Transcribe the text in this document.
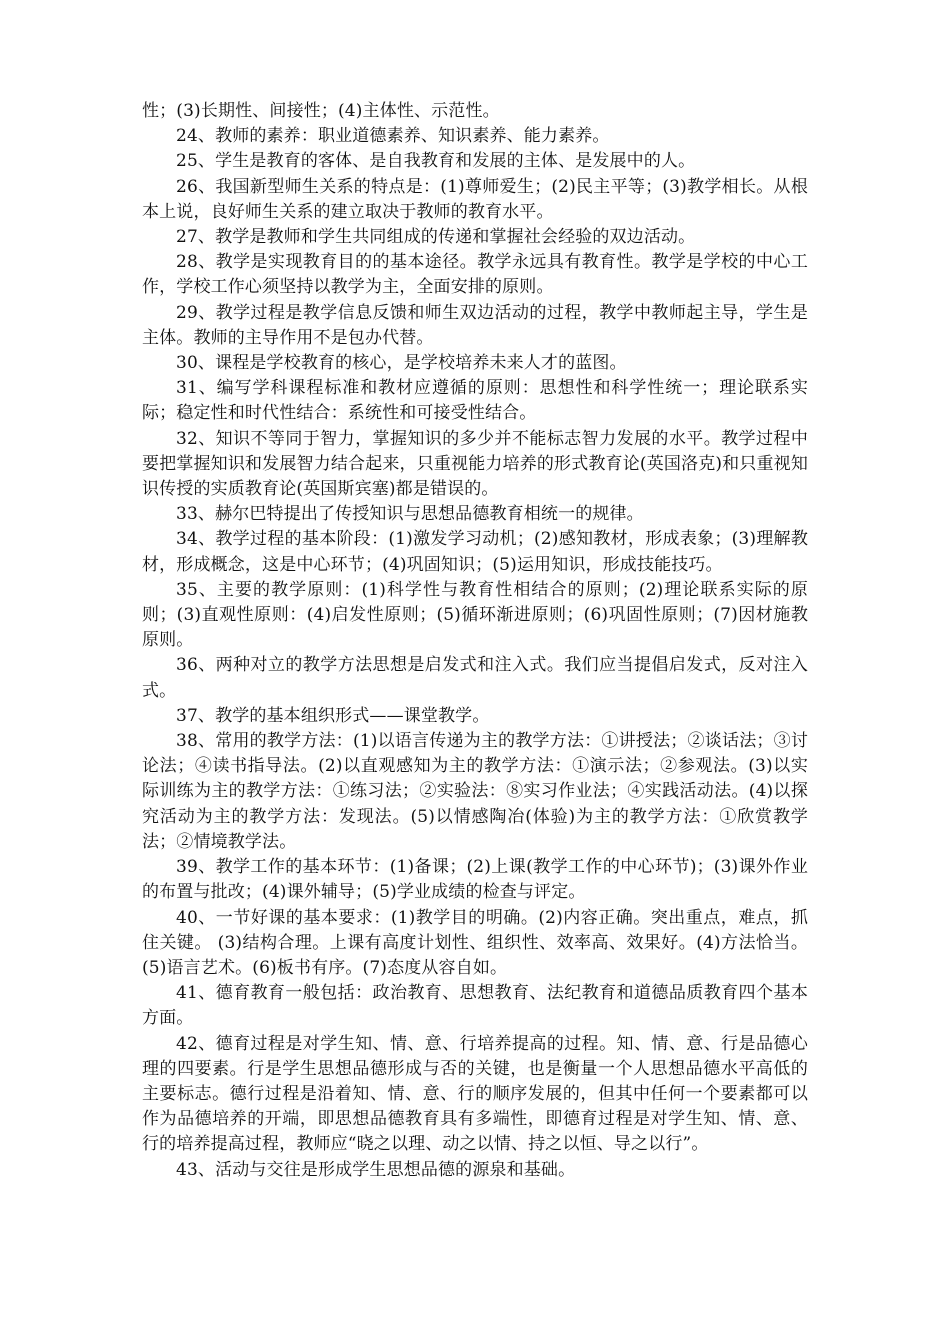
性；(3)长期性、间接性；(4)主体性、示范性。

24、教师的素养：职业道德素养、知识素养、能力素养。

25、学生是教育的客体、是自我教育和发展的主体、是发展中的人。

26、我国新型师生关系的特点是：(1)尊师爱生；(2)民主平等；(3)教学相长。从根本上说，良好师生关系的建立取决于教师的教育水平。

27、教学是教师和学生共同组成的传递和掌握社会经验的双边活动。

28、教学是实现教育目的的基本途径。教学永远具有教育性。教学是学校的中心工作，学校工作心须坚持以教学为主，全面安排的原则。

29、教学过程是教学信息反馈和师生双边活动的过程，教学中教师起主导，学生是主体。教师的主导作用不是包办代替。

30、课程是学校教育的核心，是学校培养未来人才的蓝图。

31、编写学科课程标准和教材应遵循的原则：思想性和科学性统一；理论联系实际；稳定性和时代性结合：系统性和可接受性结合。

32、知识不等同于智力，掌握知识的多少并不能标志智力发展的水平。教学过程中要把掌握知识和发展智力结合起来，只重视能力培养的形式教育论(英国洛克)和只重视知识传授的实质教育论(英国斯宾塞)都是错误的。

33、赫尔巴特提出了传授知识与思想品德教育相统一的规律。

34、教学过程的基本阶段：(1)激发学习动机；(2)感知教材，形成表象；(3)理解教材，形成概念，这是中心环节；(4)巩固知识；(5)运用知识，形成技能技巧。

35、主要的教学原则：(1)科学性与教育性相结合的原则；(2)理论联系实际的原则；(3)直观性原则：(4)启发性原则；(5)循环渐进原则；(6)巩固性原则；(7)因材施教原则。

36、两种对立的教学方法思想是启发式和注入式。我们应当提倡启发式，反对注入式。

37、教学的基本组织形式——课堂教学。

38、常用的教学方法：(1)以语言传递为主的教学方法：①讲授法；②谈话法；③讨论法；④读书指导法。(2)以直观感知为主的教学方法：①演示法；②参观法。(3)以实际训练为主的教学方法：①练习法；②实验法：⑧实习作业法；④实践活动法。(4)以探究活动为主的教学方法：发现法。(5)以情感陶冶(体验)为主的教学方法：①欣赏教学法；②情境教学法。

39、教学工作的基本环节：(1)备课；(2)上课(教学工作的中心环节)；(3)课外作业的布置与批改；(4)课外辅导；(5)学业成绩的检查与评定。

40、一节好课的基本要求：(1)教学目的明确。(2)内容正确。突出重点，难点，抓住关键。 (3)结构合理。上课有高度计划性、组织性、效率高、效果好。(4)方法恰当。(5)语言艺术。(6)板书有序。(7)态度从容自如。

41、德育教育一般包括：政治教育、思想教育、法纪教育和道德品质教育四个基本方面。

42、德育过程是对学生知、情、意、行培养提高的过程。知、情、意、行是品德心理的四要素。行是学生思想品德形成与否的关键，也是衡量一个人思想品德水平高低的主要标志。德行过程是沿着知、情、意、行的顺序发展的，但其中任何一个要素都可以作为品德培养的开端，即思想品德教育具有多端性，即德育过程是对学生知、情、意、行的培养提高过程，教师应“晓之以理、动之以情、持之以恒、导之以行”。

43、活动与交往是形成学生思想品德的源泉和基础。
